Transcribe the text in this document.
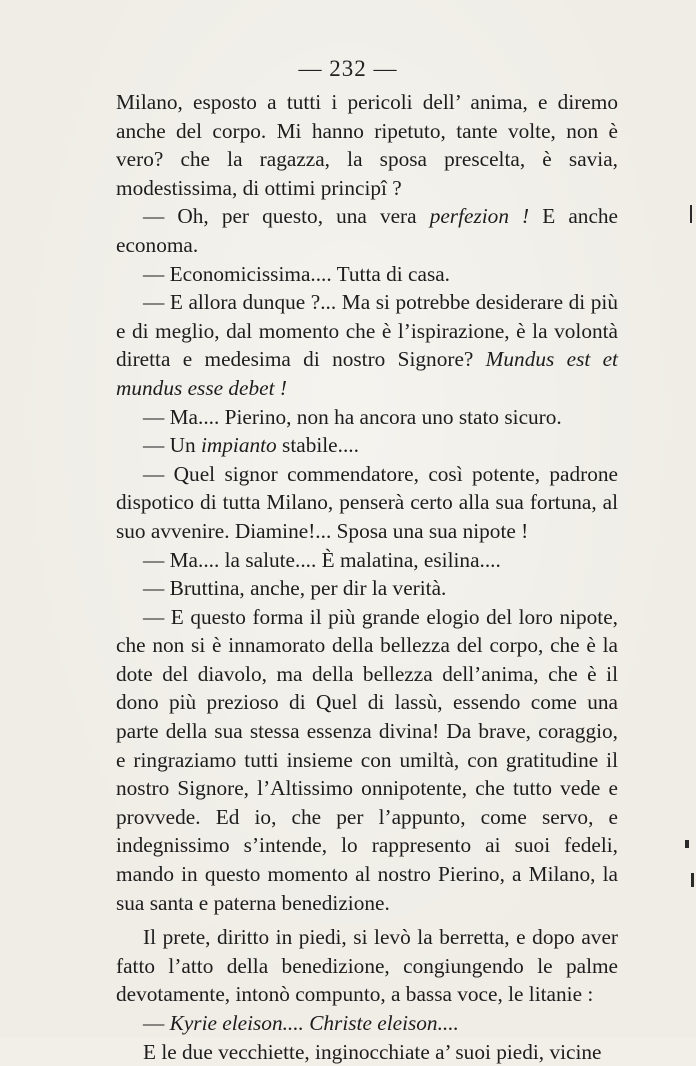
— 232 —

Milano, esposto a tutti i pericoli dell’ anima, e diremo anche del corpo. Mi hanno ripetuto, tante volte, non è vero? che la ragazza, la sposa prescelta, è savia, modestissima, di ottimi principî ?

— Oh, per questo, una vera perfezion ! E anche economa.

— Economicissima.... Tutta di casa.

— E allora dunque ?... Ma si potrebbe desiderare di più e di meglio, dal momento che è l’ispirazione, è la volontà diretta e medesima di nostro Signore? Mundus est et mundus esse debet !

— Ma.... Pierino, non ha ancora uno stato sicuro.

— Un impianto stabile....

— Quel signor commendatore, così potente, padrone dispotico di tutta Milano, penserà certo alla sua fortuna, al suo avvenire. Diamine!... Sposa una sua nipote !

— Ma.... la salute.... È malatina, esilina....

— Bruttina, anche, per dir la verità.

— E questo forma il più grande elogio del loro nipote, che non si è innamorato della bellezza del corpo, che è la dote del diavolo, ma della bellezza dell’anima, che è il dono più prezioso di Quel di lassù, essendo come una parte della sua stessa essenza divina! Da brave, coraggio, e ringraziamo tutti insieme con umiltà, con gratitudine il nostro Signore, l’Altissimo onnipotente, che tutto vede e provvede. Ed io, che per l’appunto, come servo, e indegnissimo s’intende, lo rappresento ai suoi fedeli, mando in questo momento al nostro Pierino, a Milano, la sua santa e paterna benedizione.

Il prete, diritto in piedi, si levò la berretta, e dopo aver fatto l’atto della benedizione, congiungendo le palme devotamente, intonò compunto, a bassa voce, le litanie :

— Kyrie eleison.... Christe eleison....

E le due vecchiette, inginocchiate a’ suoi piedi, vicine
